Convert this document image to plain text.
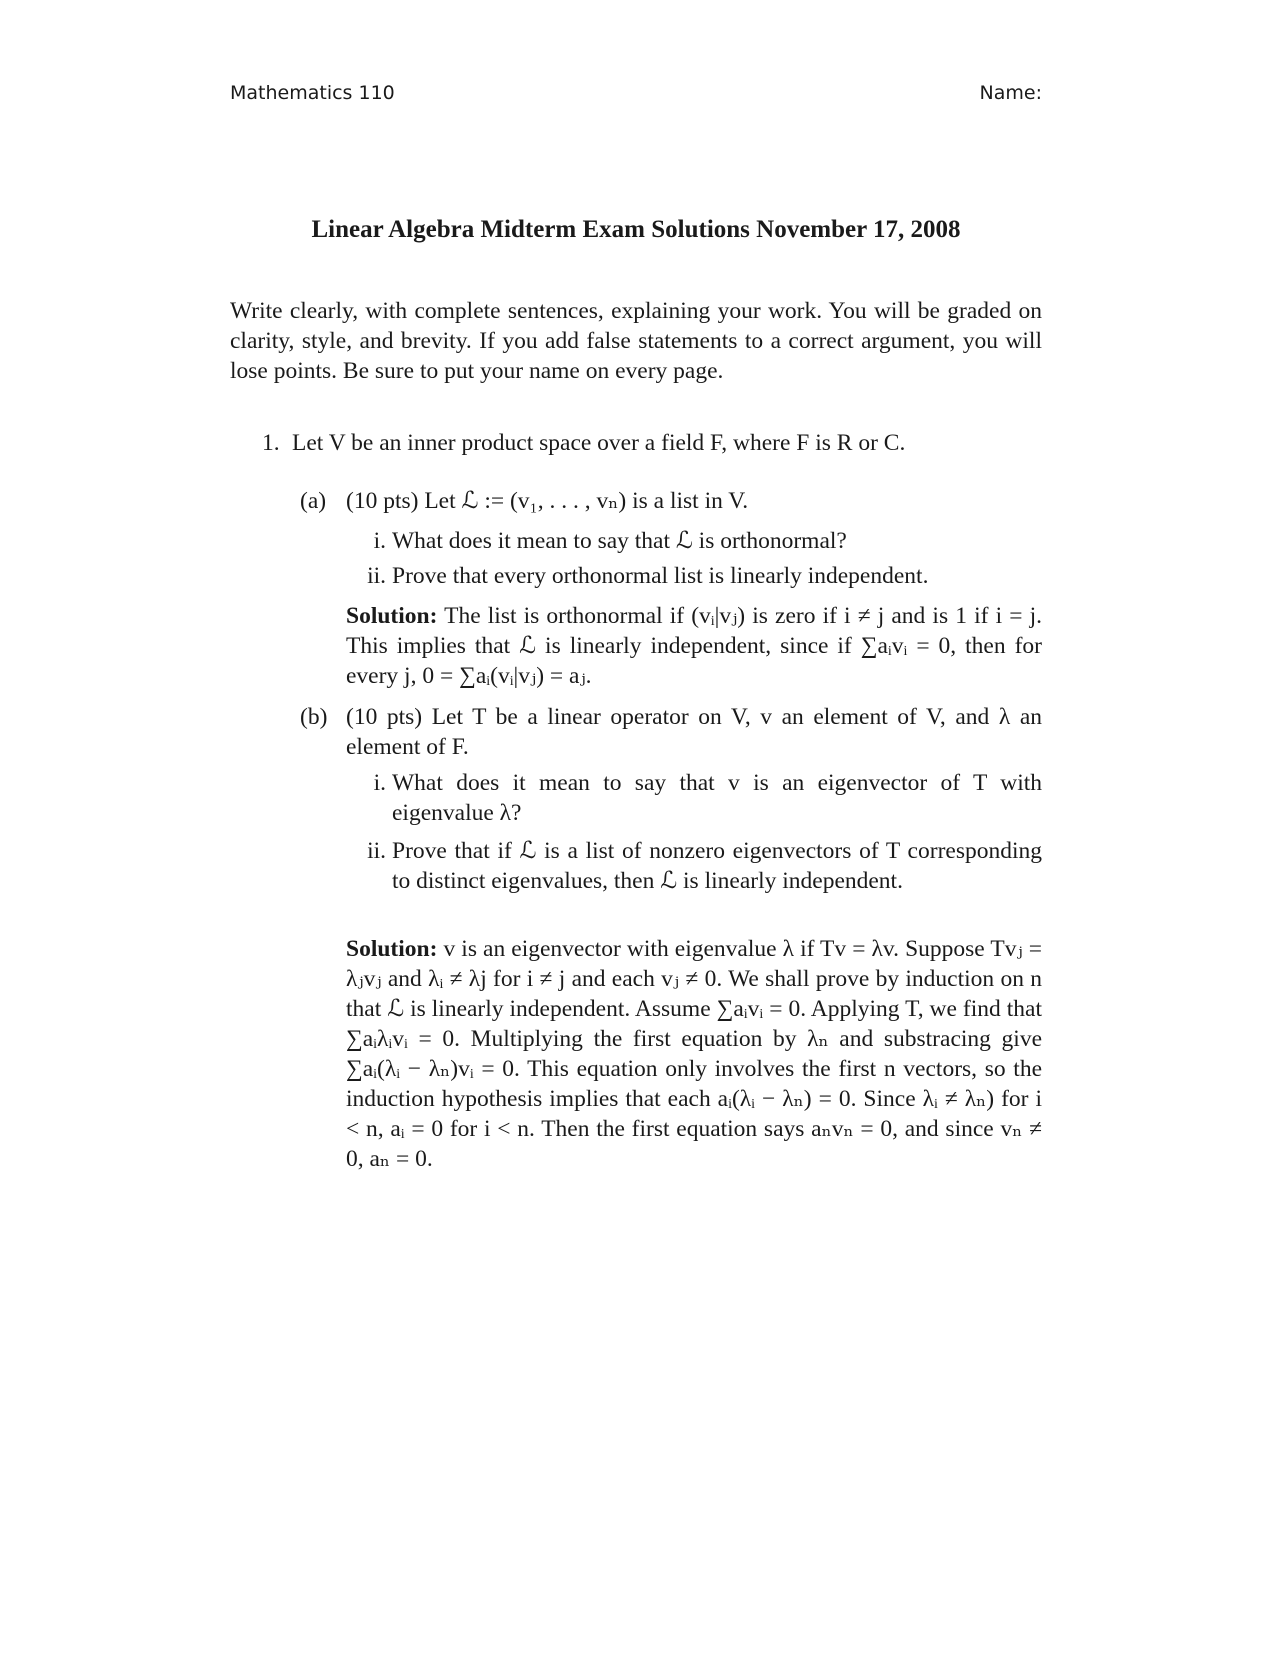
Mathematics 110	Name:
Linear Algebra Midterm Exam Solutions November 17, 2008
Write clearly, with complete sentences, explaining your work. You will be graded on clarity, style, and brevity. If you add false statements to a correct argument, you will lose points. Be sure to put your name on every page.
1. Let V be an inner product space over a field F, where F is R or C.
(a) (10 pts) Let ℒ := (v₁, . . . , vₙ) is a list in V.
i. What does it mean to say that ℒ is orthonormal?
ii. Prove that every orthonormal list is linearly independent.
Solution: The list is orthonormal if (vᵢ|vⱼ) is zero if i ≠ j and is 1 if i = j. This implies that ℒ is linearly independent, since if ∑aᵢvᵢ = 0, then for every j, 0 = ∑aᵢ(vᵢ|vⱼ) = aⱼ.
(b) (10 pts) Let T be a linear operator on V, v an element of V, and λ an element of F.
i. What does it mean to say that v is an eigenvector of T with eigenvalue λ?
ii. Prove that if ℒ is a list of nonzero eigenvectors of T corresponding to distinct eigenvalues, then ℒ is linearly independent.
Solution: v is an eigenvector with eigenvalue λ if Tv = λv. Suppose Tvⱼ = λⱼvⱼ and λᵢ ≠ λj for i ≠ j and each vⱼ ≠ 0. We shall prove by induction on n that ℒ is linearly independent. Assume ∑aᵢvᵢ = 0. Applying T, we find that ∑aᵢλᵢvᵢ = 0. Multiplying the first equation by λₙ and substracing give ∑aᵢ(λᵢ − λₙ)vᵢ = 0. This equation only involves the first n vectors, so the induction hypothesis implies that each aᵢ(λᵢ − λₙ) = 0. Since λᵢ ≠ λₙ) for i < n, aᵢ = 0 for i < n. Then the first equation says aₙvₙ = 0, and since vₙ ≠ 0, aₙ = 0.
